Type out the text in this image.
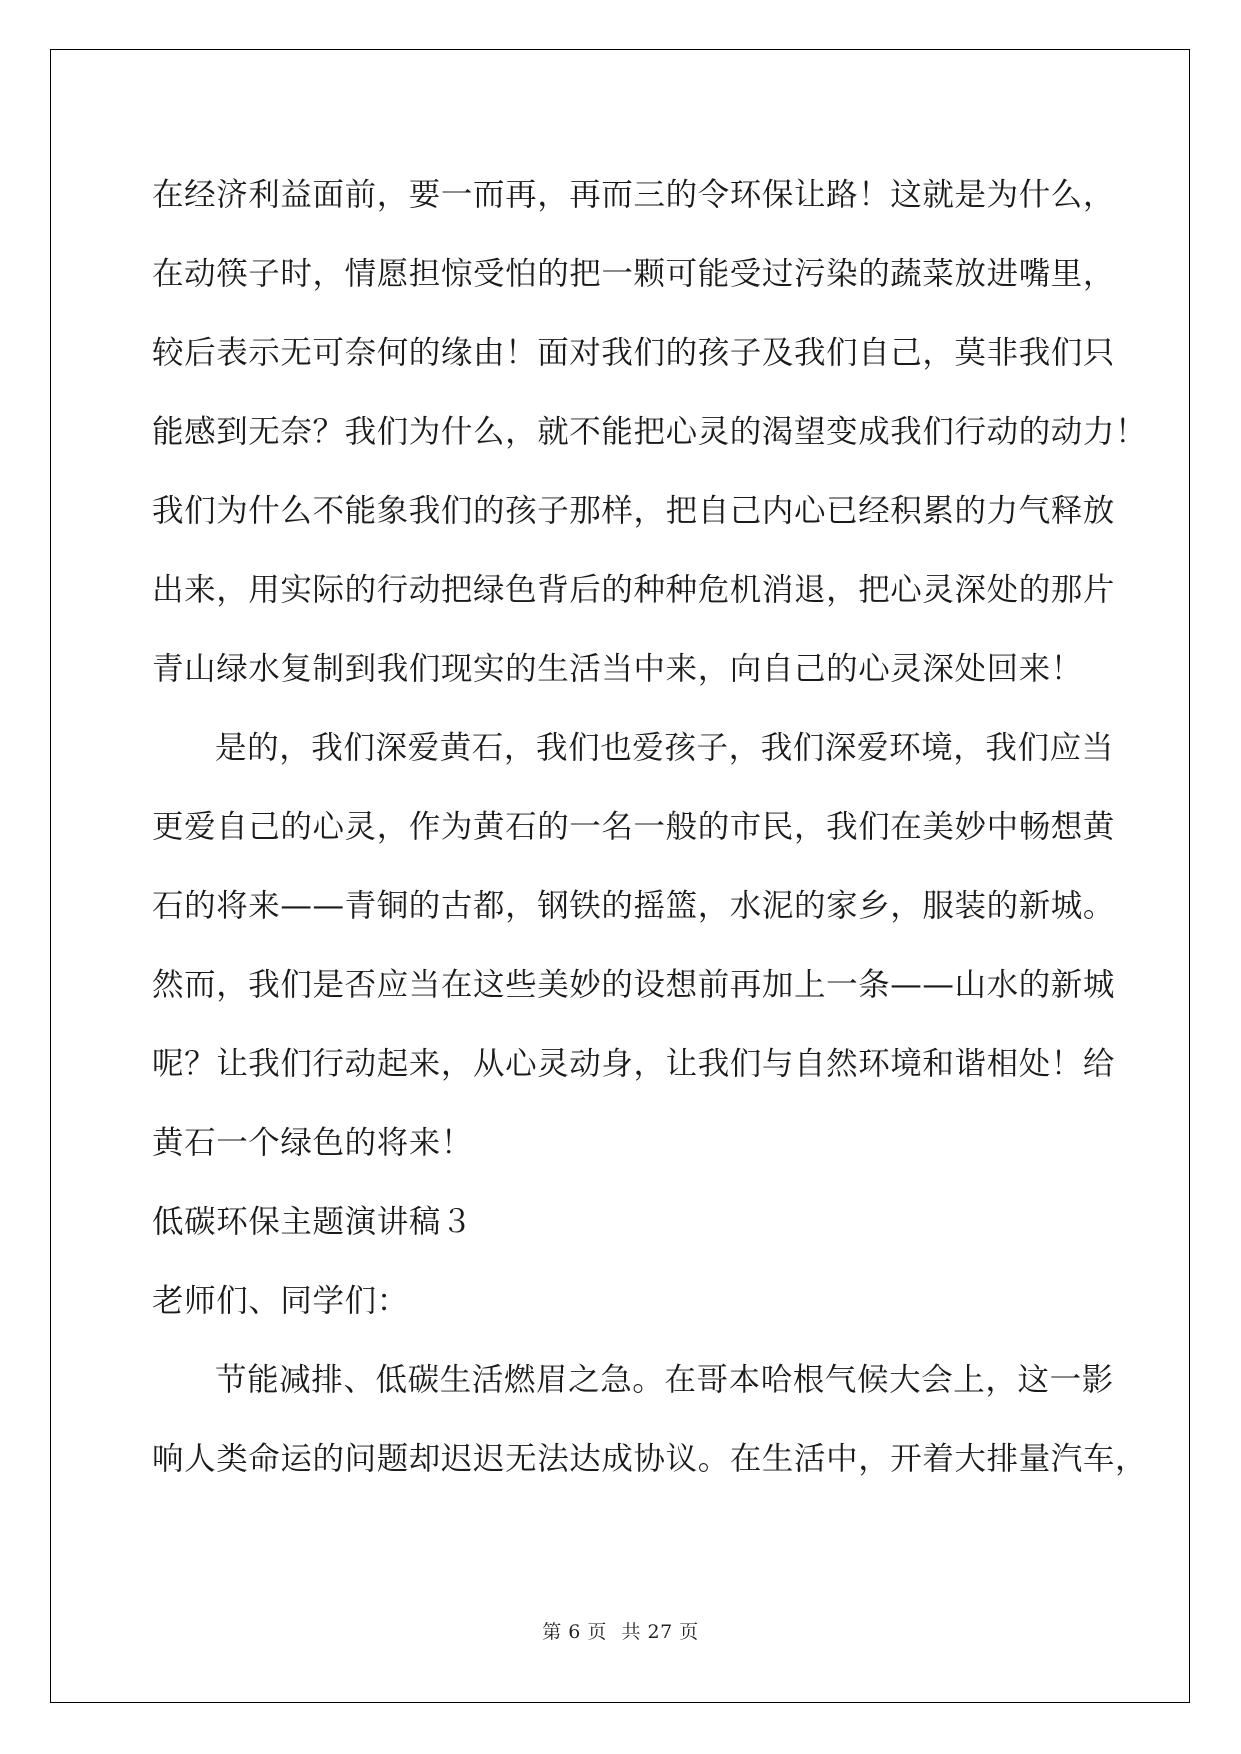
在经济利益面前，要一而再，再而三的令环保让路！这就是为什么，
在动筷子时，情愿担惊受怕的把一颗可能受过污染的蔬菜放进嘴里，
较后表示无可奈何的缘由！面对我们的孩子及我们自己，莫非我们只
能感到无奈？我们为什么，就不能把心灵的渴望变成我们行动的动力！
我们为什么不能象我们的孩子那样，把自己内心已经积累的力气释放
出来，用实际的行动把绿色背后的种种危机消退，把心灵深处的那片
青山绿水复制到我们现实的生活当中来，向自己的心灵深处回来！
是的，我们深爱黄石，我们也爱孩子，我们深爱环境，我们应当
更爱自己的心灵，作为黄石的一名一般的市民，我们在美妙中畅想黄
石的将来——青铜的古都，钢铁的摇篮，水泥的家乡，服装的新城。
然而，我们是否应当在这些美妙的设想前再加上一条——山水的新城
呢？让我们行动起来，从心灵动身，让我们与自然环境和谐相处！给
黄石一个绿色的将来！
低碳环保主题演讲稿３
老师们、同学们：
节能减排、低碳生活燃眉之急。在哥本哈根气候大会上，这一影
响人类命运的问题却迟迟无法达成协议。在生活中，开着大排量汽车，
第 6 页 共 27 页
